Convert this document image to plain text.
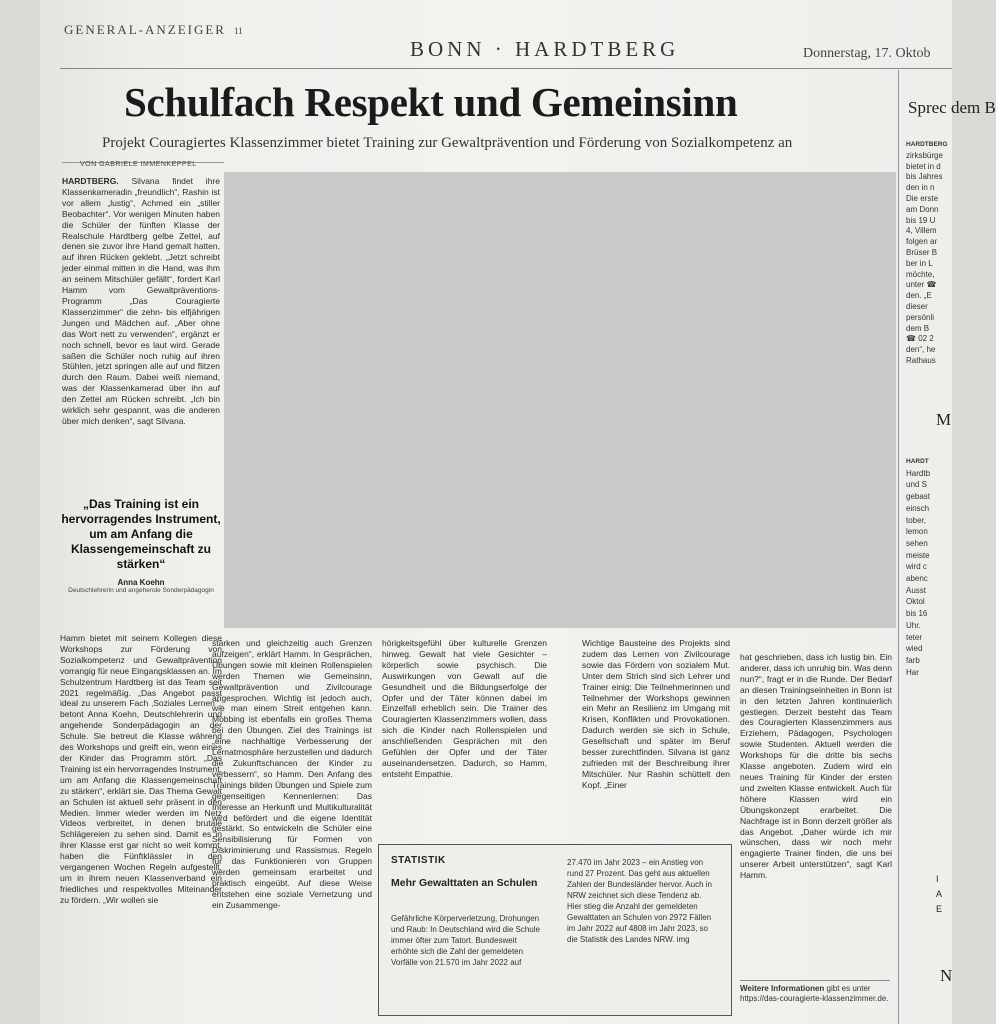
GENERAL-ANZEIGER 11
BONN · HARDTBERG	Donnerstag, 17. Oktob
Schulfach Respekt und Gemeinsinn
Projekt Couragiertes Klassenzimmer bietet Training zur Gewaltprävention und Förderung von Sozialkompetenz an
VON GABRIELE IMMENKEPPEL
HARDTBERG. Silvana findet ihre Klassenkameradin „freundlich“, Rashin ist vor allem „lustig“, Achmed ein „stiller Beobachter“. Vor wenigen Minuten haben die Schüler der fünften Klasse der Realschule Hardtberg gelbe Zettel, auf denen sie zuvor ihre Hand gemalt hatten, auf ihren Rücken geklebt. „Jetzt schreibt jeder einmal mitten in die Hand, was ihm an seinem Mitschüler gefällt“, fordert Karl Hamm vom Gewaltpräventions-Programm „Das Couragierte Klassenzimmer“ die zehn- bis elfjährigen Jungen und Mädchen auf. „Aber ohne das Wort nett zu verwenden“, ergänzt er noch schnell, bevor es laut wird. Gerade saßen die Schüler noch ruhig auf ihren Stühlen, jetzt springen alle auf und flitzen durch den Raum. Dabei weiß niemand, was der Klassenkamerad über ihn auf den Zettel am Rücken schreibt. „Ich bin wirklich sehr gespannt, was die anderen über mich denken“, sagt Silvana.
„Das Training ist ein hervorragendes Instrument, um am Anfang die Klassengemeinschaft zu stärken“
Anna Koehn
Deutschlehrerin und angehende Sonderpädagogin
Hamm bietet mit seinem Kollegen diese Workshops zur Förderung von Sozialkompetenz und Gewaltprävention vorrangig für neue Eingangsklassen an. Im Schulzentrum Hardtberg ist das Team seit 2021 regelmäßig. „Das Angebot passt ideal zu unserem Fach ‚Soziales Lernen‘“, betont Anna Koehn, Deutschlehrerin und angehende Sonderpädagogin an der Schule. Sie betreut die Klasse während des Workshops und greift ein, wenn eines der Kinder das Programm stört. „Das Training ist ein hervorragendes Instrument, um am Anfang die Klassengemeinschaft zu stärken“, erklärt sie. Das Thema Gewalt an Schulen ist aktuell sehr präsent in den Medien. Immer wieder werden im Netz Videos verbreitet, in denen brutale Schlägereien zu sehen sind. Damit es in ihrer Klasse erst gar nicht so weit kommt, haben die Fünftklässler in den vergangenen Wochen Regeln aufgestellt, um in ihrem neuen Klassenverband ein friedliches und respektvolles Miteinander zu fördern. „Wir wollen sie
stärken und gleichzeitig auch Grenzen aufzeigen“, erklärt Hamm. In Gesprächen, Übungen sowie mit kleinen Rollenspielen werden Themen wie Gemeinsinn, Gewaltprävention und Zivilcourage angesprochen. Wichtig ist jedoch auch, wie man einem Streit entgehen kann. Mobbing ist ebenfalls ein großes Thema bei den Übungen. Ziel des Trainings ist „eine nachhaltige Verbesserung der Lernatmosphäre herzustellen und dadurch die Zukunftschancen der Kinder zu verbessern“, so Hamm. Den Anfang des Trainings bilden Übungen und Spiele zum gegenseitigen Kennenlernen: Das Interesse an Herkunft und Multikulturalität wird befördert und die eigene Identität gestärkt. So entwickeln die Schüler eine Sensibilisierung für Formen von Diskriminierung und Rassismus. Regeln für das Funktionieren von Gruppen werden gemeinsam erarbeitet und praktisch eingeübt. Auf diese Weise entstehen eine soziale Vernetzung und ein Zusammenge-
hörigkeitsgefühl über kulturelle Grenzen hinweg. Gewalt hat viele Gesichter – körperlich sowie psychisch. Die Auswirkungen von Gewalt auf die Gesundheit und die Bildungserfolge der Opfer und der Täter können dabei im Einzelfall erheblich sein. Die Trainer des Couragierten Klassenzimmers wollen, dass sich die Kinder nach Rollenspielen und anschließenden Gesprächen mit den Gefühlen der Opfer und der Täter auseinandersetzen. Dadurch, so Hamm, entsteht Empathie.
Wichtige Bausteine des Projekts sind zudem das Lernen von Zivilcourage sowie das Fördern von sozialem Mut. Unter dem Strich sind sich Lehrer und Trainer einig: Die Teilnehmerinnen und Teilnehmer der Workshops gewinnen ein Mehr an Resilienz im Umgang mit Krisen, Konflikten und Provokationen. Dadurch werden sie sich in Schule, Gesellschaft und später im Beruf besser zurechtfinden. Silvana ist ganz zufrieden mit der Beschreibung ihrer Mitschüler. Nur Rashin schüttelt den Kopf. „Einer
hat geschrieben, dass ich lustig bin. Ein anderer, dass ich unruhig bin. Was denn nun?“, fragt er in die Runde. Der Bedarf an diesen Trainingseinheiten in Bonn ist in den letzten Jahren kontinuierlich gestiegen. Derzeit besteht das Team des Couragierten Klassenzimmers aus Erziehern, Pädagogen, Psychologen sowie Studenten. Aktuell werden die Workshops für die dritte bis sechs Klasse angeboten. Zudem wird ein neues Training für Kinder der ersten und zweiten Klasse entwickelt. Auch für höhere Klassen wird ein Übungskonzept erarbeitet. Die Nachfrage ist in Bonn derzeit größer als das Angebot. „Daher würde ich mir wünschen, dass wir noch mehr engagierte Trainer finden, die uns bei unserer Arbeit unterstützen“, sagt Karl Hamm.
STATISTIK
Mehr Gewalttaten an Schulen
Gefährliche Körperverletzung, Drohungen und Raub: In Deutschland wird die Schule immer öfter zum Tatort. Bundesweit erhöhte sich die Zahl der gemeldeten Vorfälle von 21.570 im Jahr 2022 auf
27.470 im Jahr 2023 – ein Anstieg von rund 27 Prozent. Das geht aus aktuellen Zahlen der Bundesländer hervor. Auch in NRW zeichnet sich diese Tendenz ab. Hier stieg die Anzahl der gemeldeten Gewalttaten an Schulen von 2972 Fällen im Jahr 2022 auf 4808 im Jahr 2023, so die Statistik des Landes NRW. img
Weitere Informationen gibt es unter https://das-couragierte-klassenzimmer.de.
Sprec dem B
HARDTBERG
zirksbürge
bietet in d
bis Jahres
den in n
Die erste
am Donn
bis 19 U
4, Villem
folgen ar
Brüser B
ber in L
möchte,
unter ☎
den. „E
dieser
persönli
dem B
☎ 02 2
den“, he
Rathaus
M
HARDT
Hardtb
und S
gebast
einsch
tober,
lemon
sehen
meiste
wird c
abenc
Ausst
Oktol
bis 16
Uhr.
teter
wied
farb
Har
I
A
E
N
